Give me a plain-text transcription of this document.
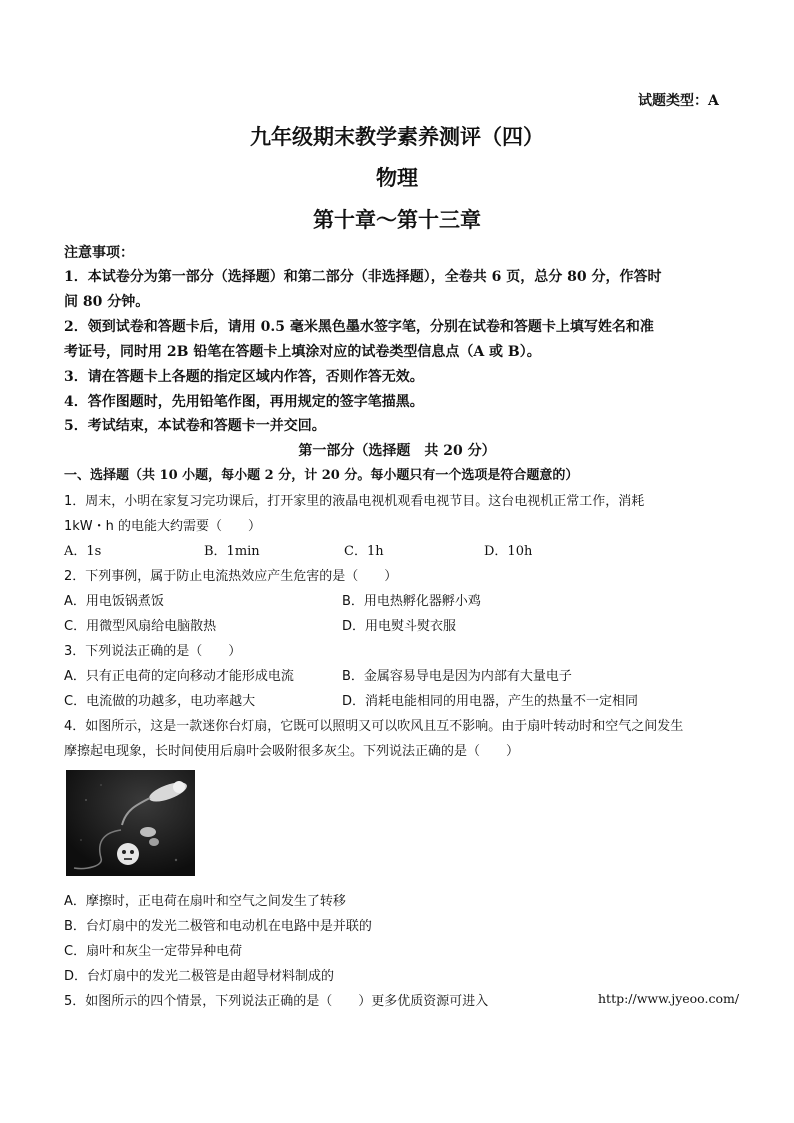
试题类型：A
九年级期末教学素养测评（四）
物理
第十章～第十三章
注意事项：
1．本试卷分为第一部分（选择题）和第二部分（非选择题），全卷共 6 页，总分 80 分，作答时
间 80 分钟。
2．领到试卷和答题卡后，请用 0.5 毫米黑色墨水签字笔，分别在试卷和答题卡上填写姓名和准
考证号，同时用 2B 铅笔在答题卡上填涂对应的试卷类型信息点（A 或 B）。
3．请在答题卡上各题的指定区域内作答，否则作答无效。
4．答作图题时，先用铅笔作图，再用规定的签字笔描黑。
5．考试结束，本试卷和答题卡一并交回。
第一部分（选择题　共 20 分）
一、选择题（共 10 小题，每小题 2 分，计 20 分。每小题只有一个选项是符合题意的）
1．周末，小明在家复习完功课后，打开家里的液晶电视机观看电视节目。这台电视机正常工作，消耗
1kW・h 的电能大约需要（　　）
A．1s	B．1min	C．1h	D．10h
2．下列事例，属于防止电流热效应产生危害的是（　　）
A．用电饭锅煮饭	B．用电热孵化器孵小鸡
C．用微型风扇给电脑散热	D．用电熨斗熨衣服
3．下列说法正确的是（　　）
A．只有正电荷的定向移动才能形成电流	B．金属容易导电是因为内部有大量电子
C．电流做的功越多，电功率越大	D．消耗电能相同的用电器，产生的热量不一定相同
4．如图所示，这是一款迷你台灯扇，它既可以照明又可以吹风且互不影响。由于扇叶转动时和空气之间发生
摩擦起电现象，长时间使用后扇叶会吸附很多灰尘。下列说法正确的是（　　）
A．摩擦时，正电荷在扇叶和空气之间发生了转移
B．台灯扇中的发光二极管和电动机在电路中是并联的
C．扇叶和灰尘一定带异种电荷
D．台灯扇中的发光二极管是由超导材料制成的
5．如图所示的四个情景，下列说法正确的是（　　）更多优质资源可进入	http://www.jyeoo.com/
